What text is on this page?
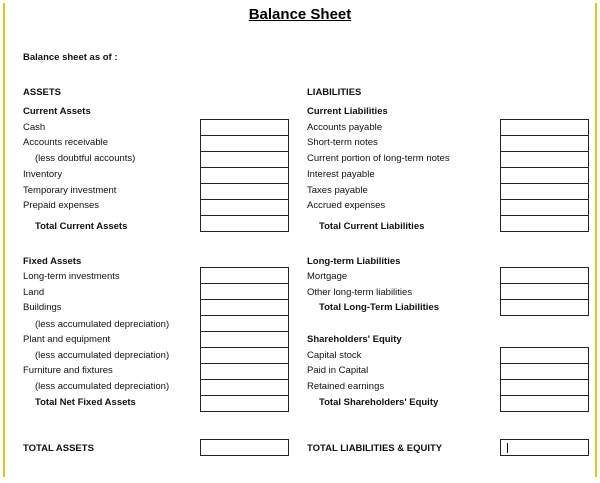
Balance Sheet
Balance sheet as of :
ASSETS
Current Assets
Cash
Accounts receivable
(less doubtful accounts)
Inventory
Temporary investment
Prepaid expenses
Total Current Assets
Fixed Assets
Long-term investments
Land
Buildings
(less accumulated depreciation)
Plant and equipment
(less accumulated depreciation)
Furniture and fixtures
(less accumulated depreciation)
Total Net Fixed Assets
TOTAL ASSETS
LIABILITIES
Current Liabilities
Accounts payable
Short-term notes
Current portion of long-term notes
Interest payable
Taxes payable
Accrued expenses
Total Current Liabilities
Long-term Liabilities
Mortgage
Other long-term liabilities
Total Long-Term Liabilities
Shareholders' Equity
Capital stock
Paid in Capital
Retained earnings
Total Shareholders' Equity
TOTAL LIABILITIES & EQUITY
